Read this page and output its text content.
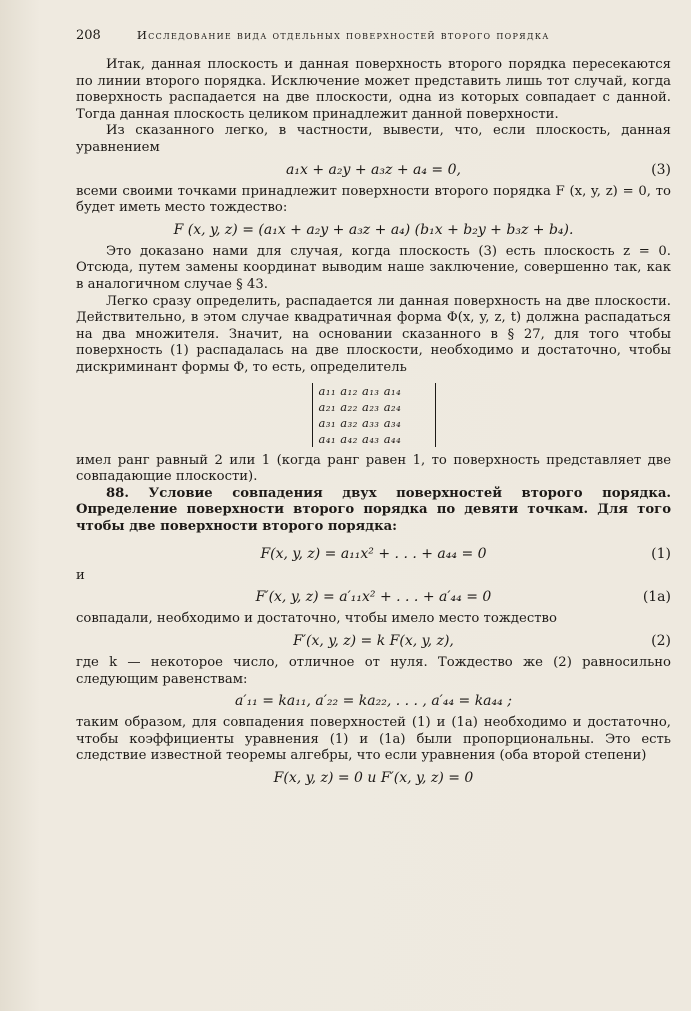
208	Исследование вида отдельных поверхностей второго порядка

Итак, данная плоскость и данная поверхность второго порядка пересекаются по линии второго порядка. Исключение может представить лишь тот случай, когда поверхность распадается на две плоскости, одна из которых совпадает с данной. Тогда данная плоскость целиком принадлежит данной поверхности.

Из сказанного легко, в частности, вывести, что, если плоскость, данная уравнением

a₁x + a₂y + a₃z + a₄ = 0,	(3)

всеми своими точками принадлежит поверхности второго порядка F (x, y, z) = 0, то будет иметь место тождество:

F (x, y, z) = (a₁x + a₂y + a₃z + a₄) (b₁x + b₂y + b₃z + b₄).

Это доказано нами для случая, когда плоскость (3) есть плоскость z = 0. Отсюда, путем замены координат выводим наше заключение, совершенно так, как в аналогичном случае § 43.

Легко сразу определить, распадается ли данная поверхность на две плоскости. Действительно, в этом случае квадратичная форма Φ(x, y, z, t) должна распадаться на два множителя. Значит, на основании сказанного в § 27, для того чтобы поверхность (1) распадалась на две плоскости, необходимо и достаточно, чтобы дискриминант формы Φ, то есть, определитель

a₁₁ a₁₂ a₁₃ a₁₄
a₂₁ a₂₂ a₂₃ a₂₄
a₃₁ a₃₂ a₃₃ a₃₄
a₄₁ a₄₂ a₄₃ a₄₄

имел ранг равный 2 или 1 (когда ранг равен 1, то поверхность представляет две совпадающие плоскости).

88. Условие совпадения двух поверхностей второго порядка. Определение поверхности второго порядка по девяти точкам. Для того чтобы две поверхности второго порядка:

F(x, y, z) = a₁₁x² + . . . + a₄₄ = 0	(1)
и
F′(x, y, z) = a′₁₁x² + . . . + a′₄₄ = 0	(1a)

совпадали, необходимо и достаточно, чтобы имело место тождество

F′(x, y, z) = k F(x, y, z),	(2)

где k — некоторое число, отличное от нуля. Тождество же (2) равносильно следующим равенствам:

a′₁₁ = ka₁₁, a′₂₂ = ka₂₂, . . . , a′₄₄ = ka₄₄ ;

таким образом, для совпадения поверхностей (1) и (1a) необходимо и достаточно, чтобы коэффициенты уравнения (1) и (1a) были пропорциональны. Это есть следствие известной теоремы алгебры, что если уравнения (оба второй степени)

F(x, y, z) = 0 и F′(x, y, z) = 0
